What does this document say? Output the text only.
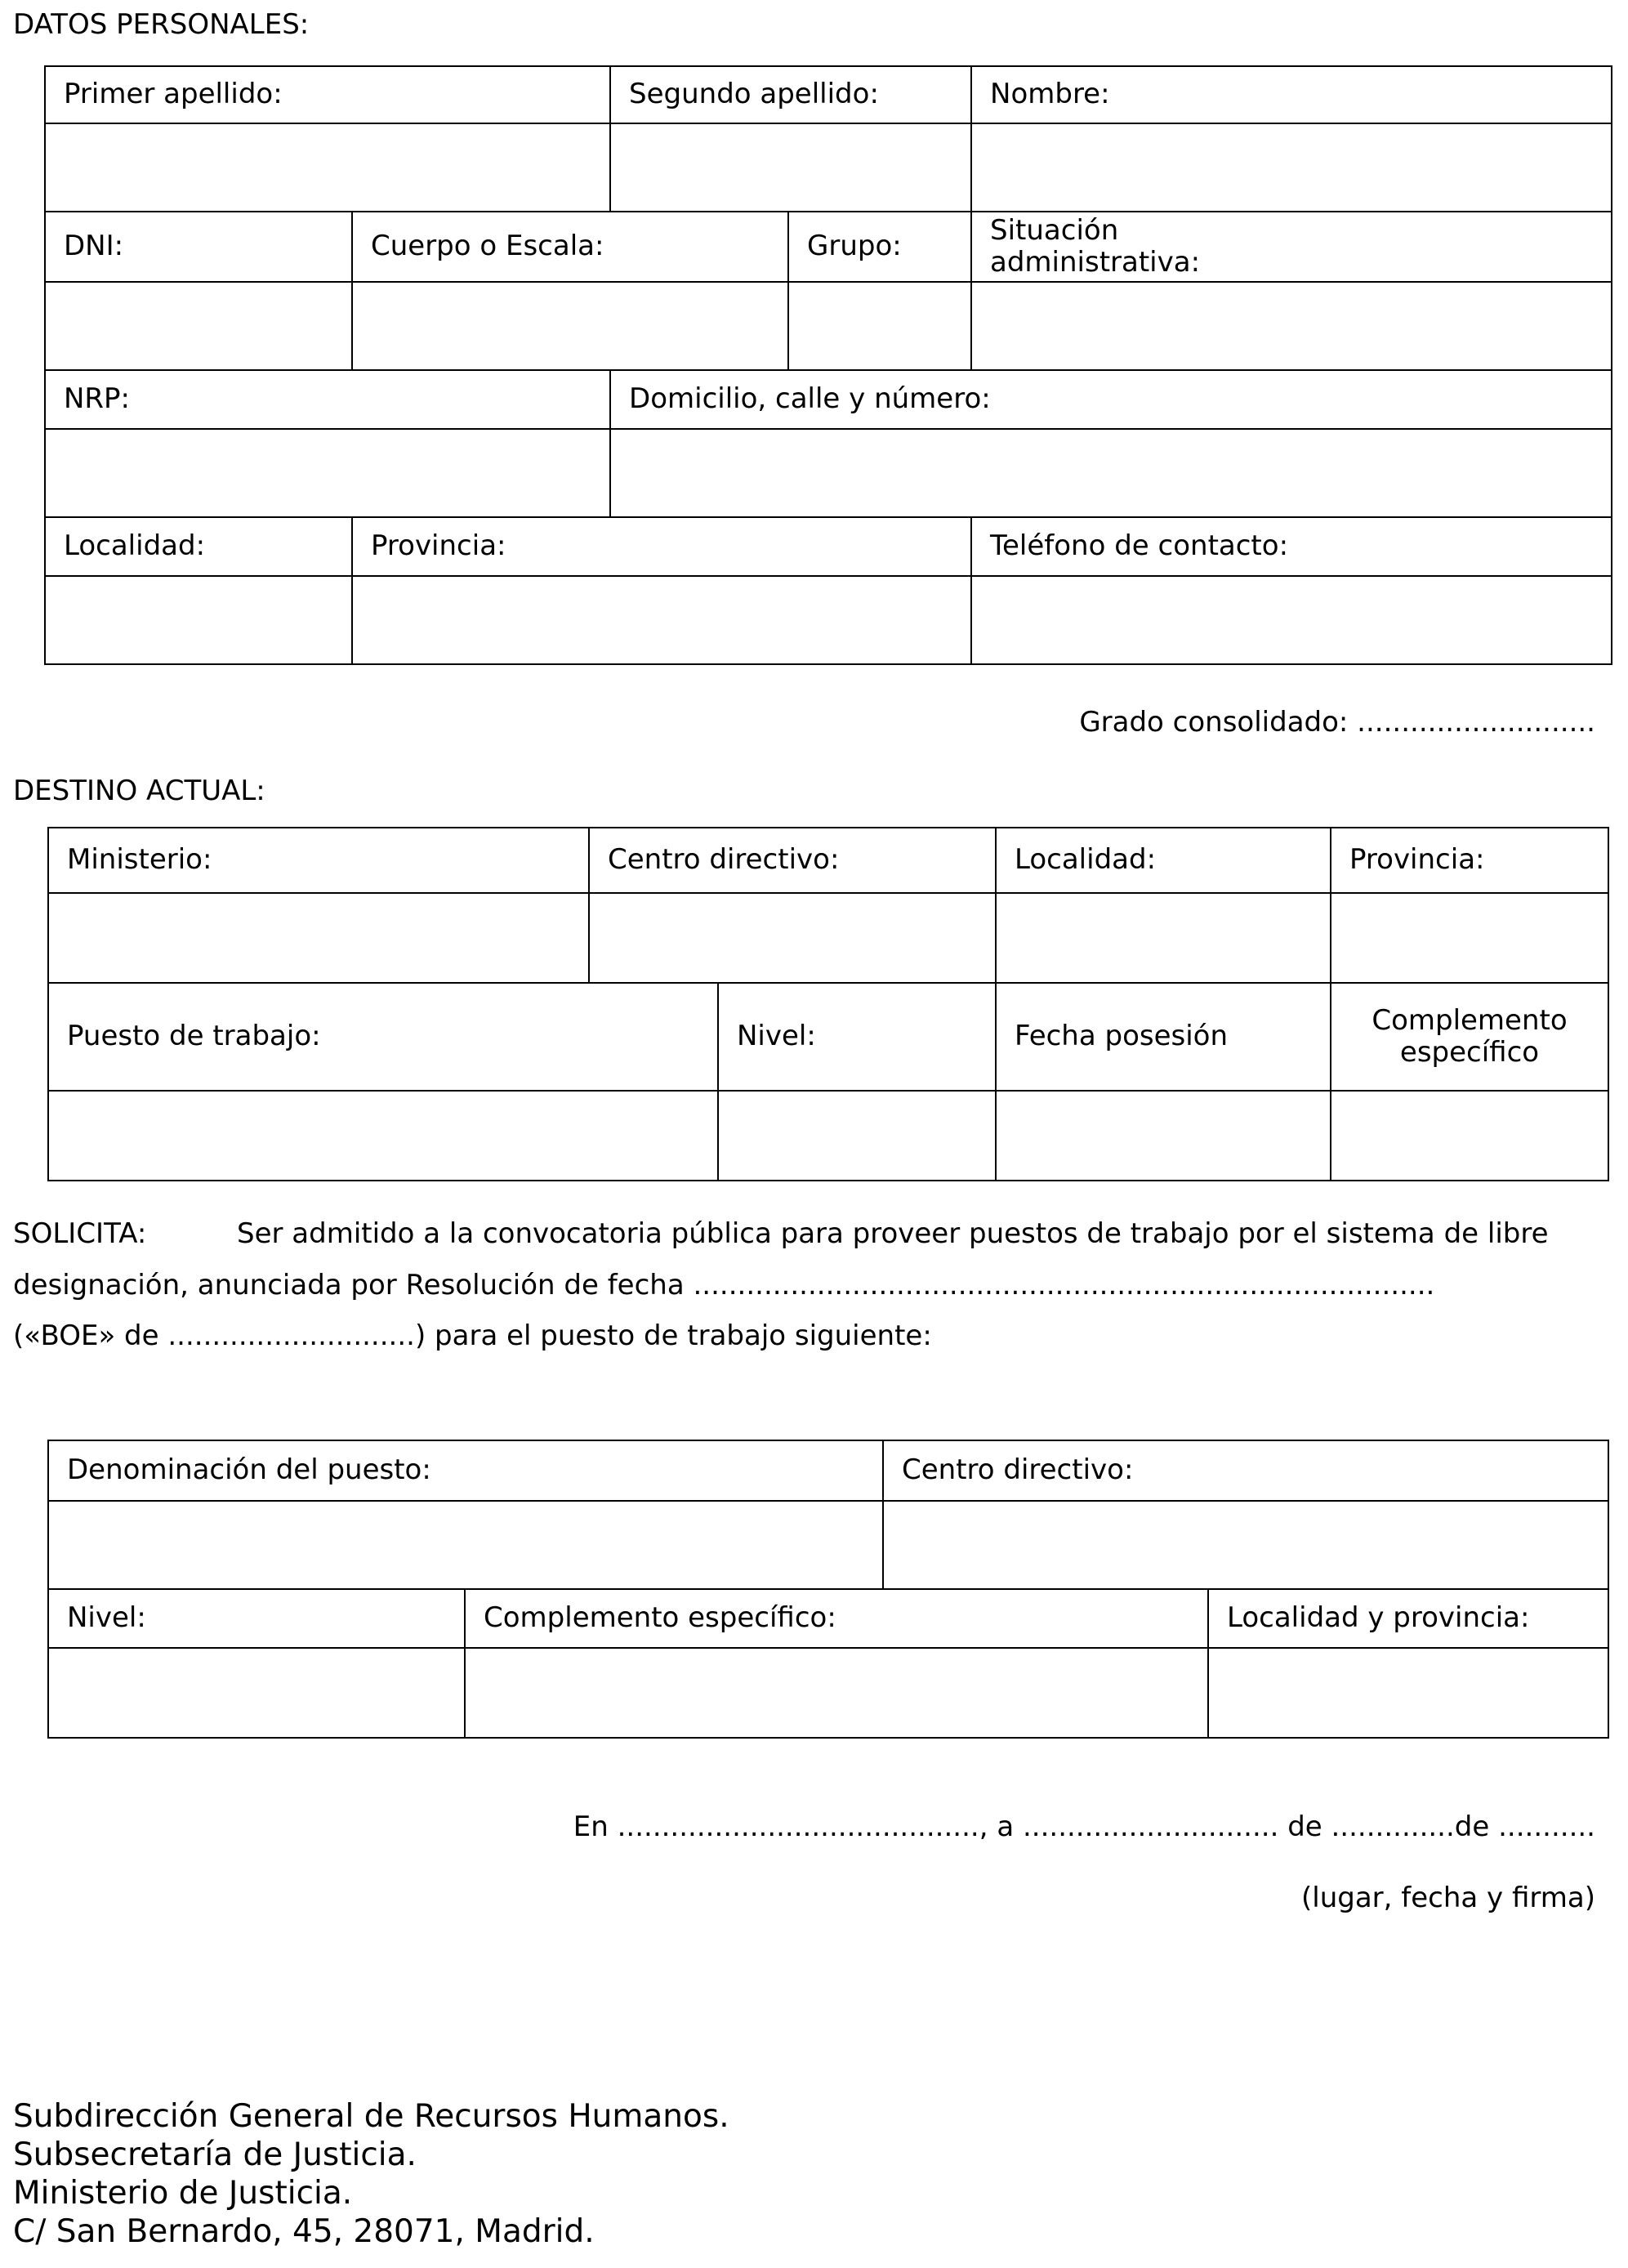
DATOS PERSONALES:
Primer apellido:		Segundo apellido:		Nombre:

DNI:	Cuerpo o Escala:		Grupo:	Situación
administrativa:

NRP:		Domicilio, calle y número:		

Localidad:	Provincia:			Teléfono de contacto:

Grado consolidado: ...........................

DESTINO ACTUAL:
Ministerio:	Centro directivo:		Localidad:	Provincia:

Puesto de trabajo:		Nivel:	Fecha posesión	Complemento
específico

SOLICITA:	Ser admitido a la convocatoria pública para proveer puestos de trabajo por el sistema de libre

designación, anunciada por Resolución de fecha ....................................................................................

(«BOE» de ............................) para el puesto de trabajo siguiente:

Denominación del puesto:		Centro directivo:	

Nivel:	Complemento específico:		Localidad y provincia:

En ........................................., a ............................. de ..............de ...........

(lugar, fecha y firma)

Subdirección General de Recursos Humanos.
Subsecretaría de Justicia.
Ministerio de Justicia.
C/ San Bernardo, 45, 28071, Madrid.
